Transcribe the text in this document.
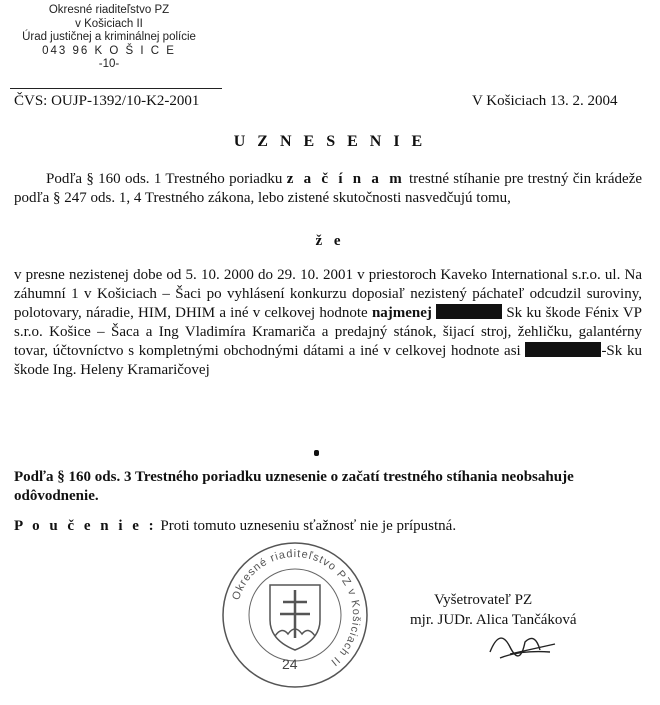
Okresné riaditeľstvo PZ
v Košiciach II
Úrad justičnej a kriminálnej polície
043 96 K O Š I C E
-10-
ČVS: OUJP-1392/10-K2-2001	V Košiciach 13. 2. 2004
U Z N E S E N I E

Podľa § 160 ods. 1 Trestného poriadku z a č í n a m trestné stíhanie pre trestný čin krádeže podľa § 247 ods. 1, 4 Trestného zákona, lebo zistené skutočnosti nasvedčujú tomu,

ž e

v presne nezistenej dobe od 5. 10. 2000 do 29. 10. 2001 v priestoroch Kaveko International s.r.o. ul. Na záhumní 1 v Košiciach – Šaci po vyhlásení konkurzu doposiaľ nezistený páchateľ odcudzil suroviny, polotovary, náradie, HIM, DHIM a iné v celkovej hodnote najmenej	Sk ku škode Fénix VP s.r.o. Košice – Šaca a Ing Vladimíra Kramariča a predajný stánok, šijací stroj, žehličku, galantérny tovar, účtovníctvo s kompletnými obchodnými dátami a iné v celkovej hodnote asi	-Sk ku škode Ing. Heleny Kramaričovej

Podľa § 160 ods. 3 Trestného poriadku uznesenie o začatí trestného stíhania neobsahuje odôvodnenie.

P o u č e n i e : Proti tomuto uzneseniu sťažnosť nie je prípustná.

Okresné riaditeľstvo PZ v Košiciach II
24
Vyšetrovateľ PZ
mjr. JUDr. Alica Tančáková
